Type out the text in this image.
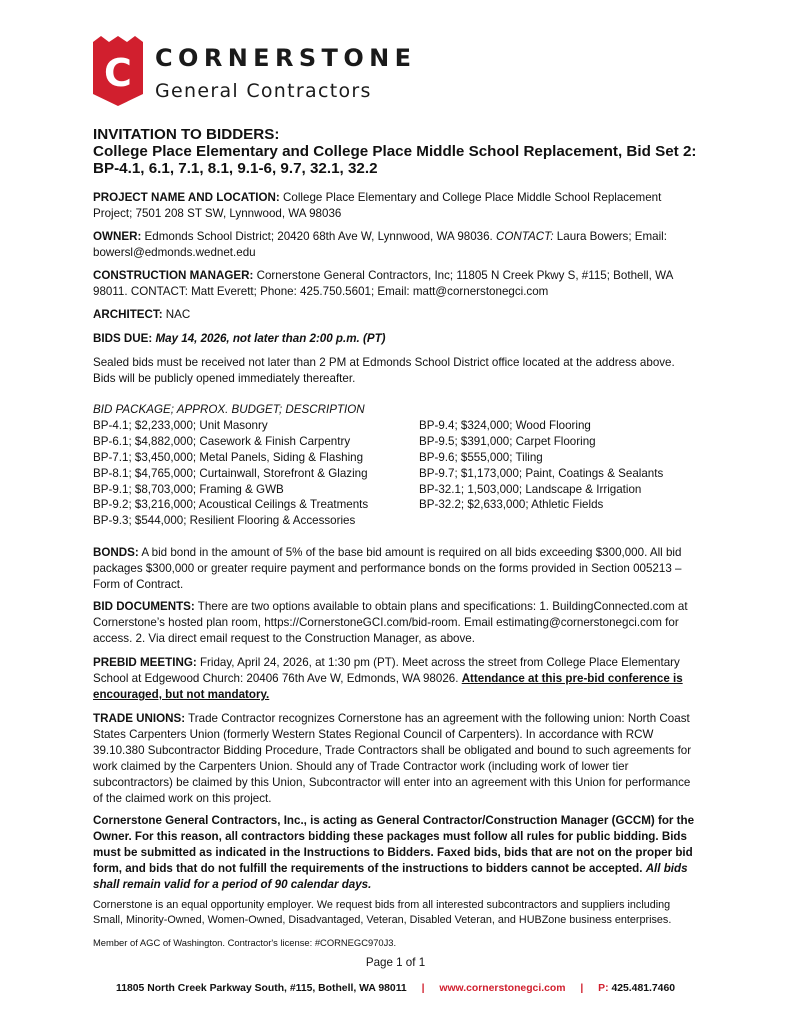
C CORNERSTONE
General Contractors
INVITATION TO BIDDERS:
College Place Elementary and College Place Middle School Replacement, Bid Set 2:
BP-4.1, 6.1, 7.1, 8.1, 9.1-6, 9.7, 32.1, 32.2
PROJECT NAME AND LOCATION: College Place Elementary and College Place Middle School Replacement Project; 7501 208 ST SW, Lynnwood, WA 98036
OWNER: Edmonds School District; 20420 68th Ave W, Lynnwood, WA 98036. CONTACT: Laura Bowers; Email: bowersl@edmonds.wednet.edu
CONSTRUCTION MANAGER: Cornerstone General Contractors, Inc; 11805 N Creek Pkwy S, #115; Bothell, WA 98011. CONTACT: Matt Everett; Phone: 425.750.5601; Email: matt@cornerstonegci.com
ARCHITECT: NAC
BIDS DUE: May 14, 2026, not later than 2:00 p.m. (PT)
Sealed bids must be received not later than 2 PM at Edmonds School District office located at the address above. Bids will be publicly opened immediately thereafter.
BID PACKAGE; APPROX. BUDGET; DESCRIPTION
BP-4.1; $2,233,000; Unit Masonry
BP-6.1; $4,882,000; Casework & Finish Carpentry
BP-7.1; $3,450,000; Metal Panels, Siding & Flashing
BP-8.1; $4,765,000; Curtainwall, Storefront & Glazing
BP-9.1; $8,703,000; Framing & GWB
BP-9.2; $3,216,000; Acoustical Ceilings & Treatments
BP-9.3; $544,000; Resilient Flooring & Accessories
BP-9.4; $324,000; Wood Flooring
BP-9.5; $391,000; Carpet Flooring
BP-9.6; $555,000; Tiling
BP-9.7; $1,173,000; Paint, Coatings & Sealants
BP-32.1; 1,503,000; Landscape & Irrigation
BP-32.2; $2,633,000; Athletic Fields
BONDS: A bid bond in the amount of 5% of the base bid amount is required on all bids exceeding $300,000. All bid packages $300,000 or greater require payment and performance bonds on the forms provided in Section 005213 – Form of Contract.
BID DOCUMENTS: There are two options available to obtain plans and specifications: 1. BuildingConnected.com at Cornerstone’s hosted plan room, https://CornerstoneGCI.com/bid-room. Email estimating@cornerstonegci.com for access. 2. Via direct email request to the Construction Manager, as above.
PREBID MEETING: Friday, April 24, 2026, at 1:30 pm (PT). Meet across the street from College Place Elementary School at Edgewood Church: 20406 76th Ave W, Edmonds, WA 98026. Attendance at this pre-bid conference is encouraged, but not mandatory.
TRADE UNIONS: Trade Contractor recognizes Cornerstone has an agreement with the following union: North Coast States Carpenters Union (formerly Western States Regional Council of Carpenters). In accordance with RCW 39.10.380 Subcontractor Bidding Procedure, Trade Contractors shall be obligated and bound to such agreements for work claimed by the Carpenters Union. Should any of Trade Contractor work (including work of lower tier subcontractors) be claimed by this Union, Subcontractor will enter into an agreement with this Union for performance of the claimed work on this project.
Cornerstone General Contractors, Inc., is acting as General Contractor/Construction Manager (GCCM) for the Owner. For this reason, all contractors bidding these packages must follow all rules for public bidding. Bids must be submitted as indicated in the Instructions to Bidders. Faxed bids, bids that are not on the proper bid form, and bids that do not fulfill the requirements of the instructions to bidders cannot be accepted. All bids shall remain valid for a period of 90 calendar days.
Cornerstone is an equal opportunity employer. We request bids from all interested subcontractors and suppliers including Small, Minority-Owned, Women-Owned, Disadvantaged, Veteran, Disabled Veteran, and HUBZone business enterprises.
Member of AGC of Washington. Contractor's license: #CORNEGC970J3.
Page 1 of 1
11805 North Creek Parkway South, #115, Bothell, WA 98011 | www.cornerstonegci.com | P: 425.481.7460
